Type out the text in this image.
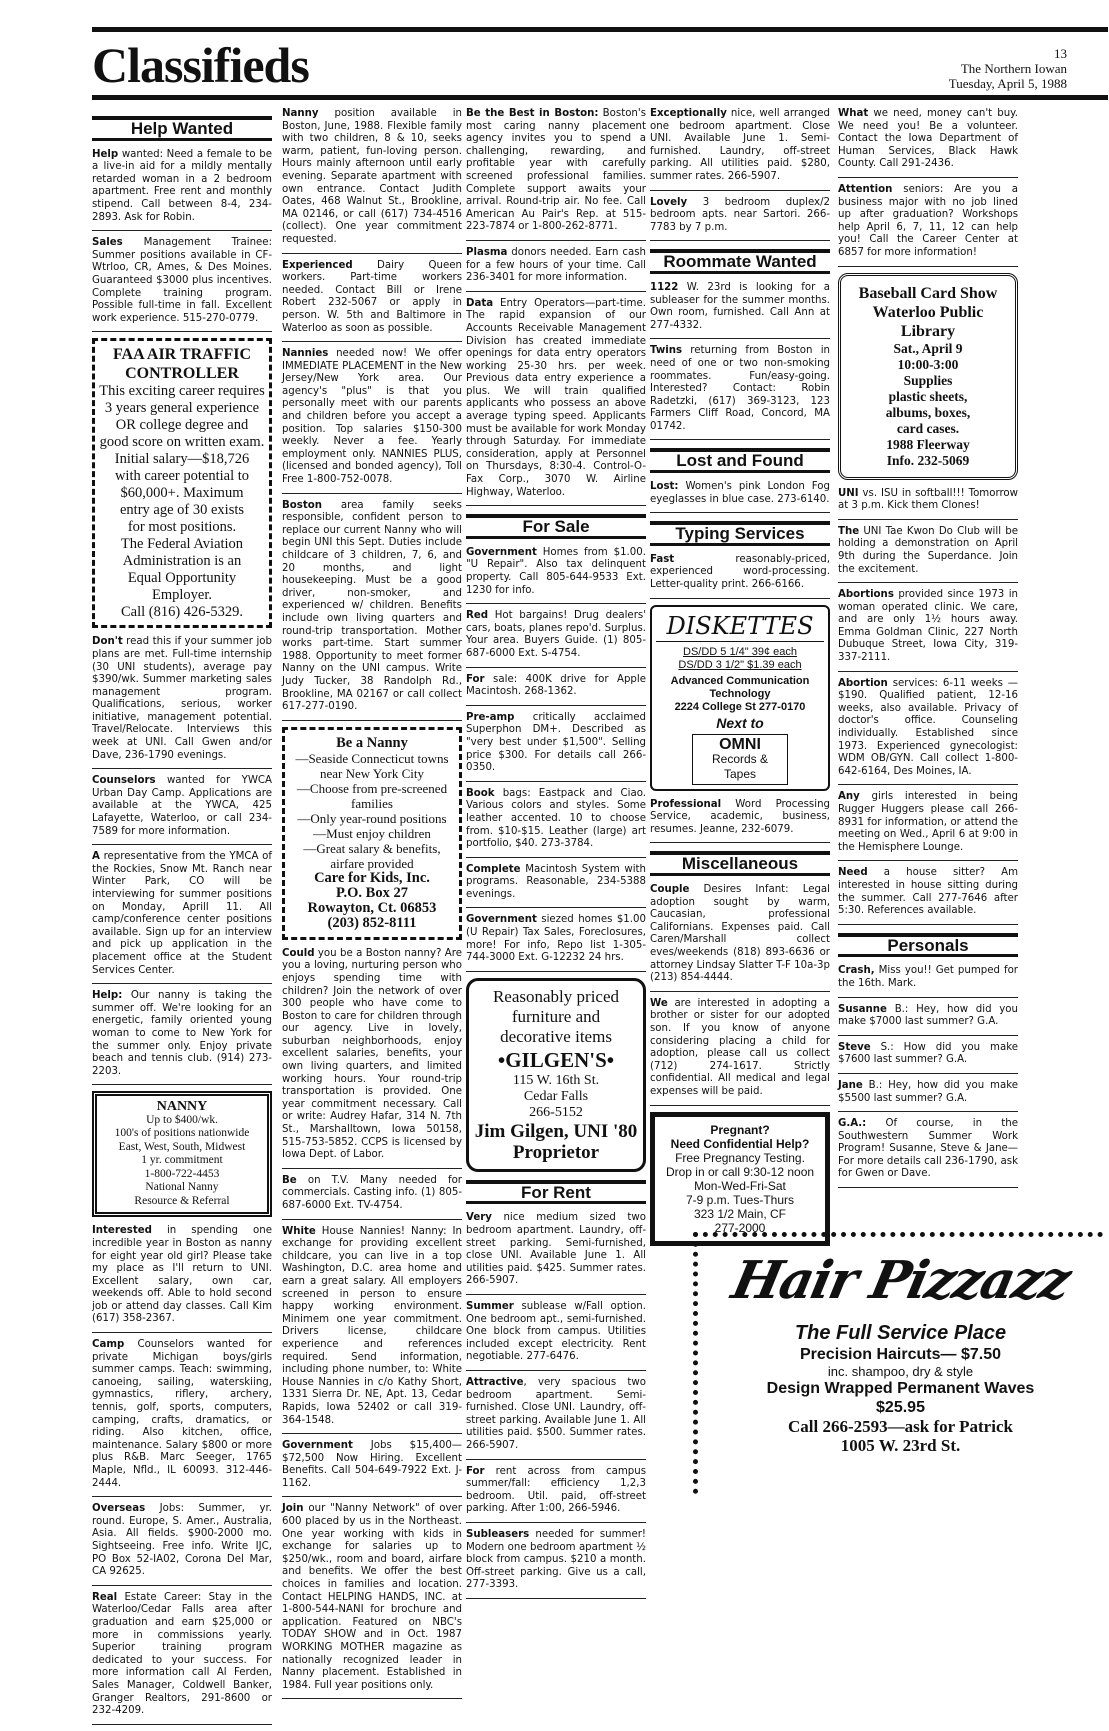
Classifieds	13
The Northern Iowan
Tuesday, April 5, 1988
Help Wanted

Help wanted: Need a female to be a live-in aid for a mildly mentally retarded woman in a 2 bedroom apartment. Free rent and monthly stipend. Call between 8-4, 234-2893. Ask for Robin.

Sales Management Trainee: Summer positions available in CF-Wtrloo, CR, Ames, & Des Moines. Guaranteed $3000 plus incentives. Complete training program. Possible full-time in fall. Excellent work experience. 515-270-0779.

FAA AIR TRAFFIC CONTROLLER
This exciting career requires
3 years general experience
OR college degree and
good score on written exam.
Initial salary—$18,726
with career potential to
$60,000+. Maximum
entry age of 30 exists
for most positions.
The Federal Aviation
Administration is an
Equal Opportunity Employer.
Call (816) 426-5329.

Don't read this if your summer job plans are met. Full-time internship (30 UNI students), average pay $390/wk. Summer marketing sales management program. Qualifications, serious, worker initiative, management potential. Travel/Relocate. Interviews this week at UNI. Call Gwen and/or Dave, 236-1790 evenings.

Counselors wanted for YWCA Urban Day Camp. Applications are available at the YWCA, 425 Lafayette, Waterloo, or call 234-7589 for more information.

A representative from the YMCA of the Rockies, Snow Mt. Ranch near Winter Park, CO will be interviewing for summer positions on Monday, Aprill 11. All camp/conference center positions available. Sign up for an interview and pick up application in the placement office at the Student Services Center.

Help: Our nanny is taking the summer off. We're looking for an energetic, family oriented young woman to come to New York for the summer only. Enjoy private beach and tennis club. (914) 273-2203.

NANNY
Up to $400/wk.
100's of positions nationwide
East, West, South, Midwest
1 yr. commitment
1-800-722-4453
National Nanny
Resource & Referral

Interested in spending one incredible year in Boston as nanny for eight year old girl? Please take my place as I'll return to UNI. Excellent salary, own car, weekends off. Able to hold second job or attend day classes. Call Kim (617) 358-2367.

Camp Counselors wanted for private Michigan boys/girls summer camps. Teach: swimming, canoeing, sailing, waterskiing, gymnastics, riflery, archery, tennis, golf, sports, computers, camping, crafts, dramatics, or riding. Also kitchen, office, maintenance. Salary $800 or more plus R&B. Marc Seeger, 1765 Maple, Nfld., IL 60093. 312-446-2444.

Overseas Jobs: Summer, yr. round. Europe, S. Amer., Australia, Asia. All fields. $900-2000 mo. Sightseeing. Free info. Write IJC, PO Box 52-IA02, Corona Del Mar, CA 92625.

Real Estate Career: Stay in the Waterloo/Cedar Falls area after graduation and earn $25,000 or more in commissions yearly. Superior training program dedicated to your success. For more information call Al Ferden, Sales Manager, Coldwell Banker, Granger Realtors, 291-8600 or 232-4209.

Nanny position available in Boston, June, 1988. Flexible family with two children, 8 & 10, seeks warm, patient, fun-loving person. Hours mainly afternoon until early evening. Separate apartment with own entrance. Contact Judith Oates, 468 Walnut St., Brookline, MA 02146, or call (617) 734-4516 (collect). One year commitment requested.

Experienced Dairy Queen workers. Part-time workers needed. Contact Bill or Irene Robert 232-5067 or apply in person. W. 5th and Baltimore in Waterloo as soon as possible.

Nannies needed now! We offer IMMEDIATE PLACEMENT in the New Jersey/New York area. Our agency's "plus" is that you personally meet with our parents and children before you accept a position. Top salaries $150-300 weekly. Never a fee. Yearly employment only. NANNIES PLUS, (licensed and bonded agency), Toll Free 1-800-752-0078.

Boston area family seeks responsible, confident person to replace our current Nanny who will begin UNI this Sept. Duties include childcare of 3 children, 7, 6, and 20 months, and light housekeeping. Must be a good driver, non-smoker, and experienced w/ children. Benefits include own living quarters and round-trip transportation. Mother works part-time. Start summer 1988. Opportunity to meet former Nanny on the UNI campus. Write Judy Tucker, 38 Randolph Rd., Brookline, MA 02167 or call collect 617-277-0190.

Be a Nanny
—Seaside Connecticut towns near New York City
—Choose from pre-screened families
—Only year-round positions
—Must enjoy children
—Great salary & benefits, airfare provided
Care for Kids, Inc.
P.O. Box 27
Rowayton, Ct. 06853
(203) 852-8111

Could you be a Boston nanny? Are you a loving, nurturing person who enjoys spending time with children? Join the network of over 300 people who have come to Boston to care for children through our agency. Live in lovely, suburban neighborhoods, enjoy excellent salaries, benefits, your own living quarters, and limited working hours. Your round-trip transportation is provided. One year commitment necessary. Call or write: Audrey Hafar, 314 N. 7th St., Marshalltown, Iowa 50158, 515-753-5852. CCPS is licensed by Iowa Dept. of Labor.

Be on T.V. Many needed for commercials. Casting info. (1) 805-687-6000 Ext. TV-4754.

White House Nannies! Nanny: In exchange for providing excellent childcare, you can live in a top Washington, D.C. area home and earn a great salary. All employers screened in person to ensure happy working environment. Minimem one year commitment. Drivers license, childcare experience and references required. Send information, including phone number, to: White House Nannies in c/o Kathy Short, 1331 Sierra Dr. NE, Apt. 13, Cedar Rapids, Iowa 52402 or call 319-364-1548.

Government Jobs $15,400—$72,500 Now Hiring. Excellent Benefits. Call 504-649-7922 Ext. J-1162.

Join our "Nanny Network" of over 600 placed by us in the Northeast. One year working with kids in exchange for salaries up to $250/wk., room and board, airfare and benefits. We offer the best choices in families and location. Contact HELPING HANDS, INC. at 1-800-544-NANI for brochure and application. Featured on NBC's TODAY SHOW and in Oct. 1987 WORKING MOTHER magazine as nationally recognized leader in Nanny placement. Established in 1984. Full year positions only.

Be the Best in Boston: Boston's most caring nanny placement agency invites you to spend a challenging, rewarding, and profitable year with carefully screened professional families. Complete support awaits your arrival. Round-trip air. No fee. Call American Au Pair's Rep. at 515-223-7874 or 1-800-262-8771.

Plasma donors needed. Earn cash for a few hours of your time. Call 236-3401 for more information.

Data Entry Operators—part-time. The rapid expansion of our Accounts Receivable Management Division has created immediate openings for data entry operators working 25-30 hrs. per week. Previous data entry experience a plus. We will train qualified applicants who possess an above average typing speed. Applicants must be available for work Monday through Saturday. For immediate consideration, apply at Personnel on Thursdays, 8:30-4. Control-O-Fax Corp., 3070 W. Airline Highway, Waterloo.

For Sale

Government Homes from $1.00. "U Repair". Also tax delinquent property. Call 805-644-9533 Ext. 1230 for info.

Red Hot bargains! Drug dealers' cars, boats, planes repo'd. Surplus. Your area. Buyers Guide. (1) 805-687-6000 Ext. S-4754.

For sale: 400K drive for Apple Macintosh. 268-1362.

Pre-amp critically acclaimed Superphon DM+. Described as "very best under $1,500". Selling price $300. For details call 266-0350.

Book bags: Eastpack and Ciao. Various colors and styles. Some leather accented. 10 to choose from. $10-$15. Leather (large) art portfolio, $40. 273-3784.

Complete Macintosh System with programs. Reasonable, 234-5388 evenings.

Government siezed homes $1.00 (U Repair) Tax Sales, Foreclosures, more! For info, Repo list 1-305-744-3000 Ext. G-12232 24 hrs.

Reasonably priced
furniture and
decorative items
•GILGEN'S•
115 W. 16th St.
Cedar Falls
266-5152
Jim Gilgen, UNI '80 Proprietor
For Rent

Very nice medium sized two bedroom apartment. Laundry, off-street parking. Semi-furnished, close UNI. Available June 1. All utilities paid. $425. Summer rates. 266-5907.

Summer sublease w/Fall option. One bedroom apt., semi-furnished. One block from campus. Utilities included except electricity. Rent negotiable. 277-6476.

Attractive, very spacious two bedroom apartment. Semi-furnished. Close UNI. Laundry, off-street parking. Available June 1. All utilities paid. $500. Summer rates. 266-5907.

For rent across from campus summer/fall: efficiency 1,2,3 bedroom. Util. paid, off-street parking. After 1:00, 266-5946.

Subleasers needed for summer! Modern one bedroom apartment ½ block from campus. $210 a month. Off-street parking. Give us a call, 277-3393.

Exceptionally nice, well arranged one bedroom apartment. Close UNI. Available June 1. Semi-furnished. Laundry, off-street parking. All utilities paid. $280, summer rates. 266-5907.

Lovely 3 bedroom duplex/2 bedroom apts. near Sartori. 266-7783 by 7 p.m.

Roommate Wanted

1122 W. 23rd is looking for a subleaser for the summer months. Own room, furnished. Call Ann at 277-4332.

Twins returning from Boston in need of one or two non-smoking roommates. Fun/easy-going. Interested? Contact: Robin Radetzki, (617) 369-3123, 123 Farmers Cliff Road, Concord, MA 01742.

Lost and Found

Lost: Women's pink London Fog eyeglasses in blue case. 273-6140.

Typing Services

Fast reasonably-priced, experienced word-processing. Letter-quality print. 266-6166.

DISKETTES
DS/DD 5 1/4" 39¢ each
DS/DD 3 1/2" $1.39 each
Advanced Communication Technology
2224 College St 277-0170
Next to
OMNI
Records & Tapes

Professional Word Processing Service, academic, business, resumes. Jeanne, 232-6079.

Miscellaneous

Couple Desires Infant: Legal adoption sought by warm, Caucasian, professional Californians. Expenses paid. Call Caren/Marshall collect eves/weekends (818) 893-6636 or attorney Lindsay Slatter T-F 10a-3p (213) 854-4444.

We are interested in adopting a brother or sister for our adopted son. If you know of anyone considering placing a child for adoption, please call us collect (712) 274-1617. Strictly confidential. All medical and legal expenses will be paid.

Pregnant?
Need Confidential Help?
Free Pregnancy Testing.
Drop in or call 9:30-12 noon
Mon-Wed-Fri-Sat
7-9 p.m. Tues-Thurs
323 1/2 Main, CF
277-2000

What we need, money can't buy. We need you! Be a volunteer. Contact the Iowa Department of Human Services, Black Hawk County. Call 291-2436.

Attention seniors: Are you a business major with no job lined up after graduation? Workshops help April 6, 7, 11, 12 can help you! Call the Career Center at 6857 for more information!

Baseball Card Show Waterloo Public Library
Sat., April 9
10:00-3:00
Supplies
plastic sheets,
albums, boxes,
card cases.
1988 Fleerway
Info. 232-5069

UNI vs. ISU in softball!!! Tomorrow at 3 p.m. Kick them Clones!

The UNI Tae Kwon Do Club will be holding a demonstration on April 9th during the Superdance. Join the excitement.

Abortions provided since 1973 in woman operated clinic. We care, and are only 1½ hours away. Emma Goldman Clinic, 227 North Dubuque Street, Iowa City, 319-337-2111.

Abortion services: 6-11 weeks —$190. Qualified patient, 12-16 weeks, also available. Privacy of doctor's office. Counseling individually. Established since 1973. Experienced gynecologist: WDM OB/GYN. Call collect 1-800-642-6164, Des Moines, IA.

Any girls interested in being Rugger Huggers please call 266-8931 for information, or attend the meeting on Wed., April 6 at 9:00 in the Hemisphere Lounge.

Need a house sitter? Am interested in house sitting during the summer. Call 277-7646 after 5:30. References available.

Personals

Crash, Miss you!! Get pumped for the 16th. Mark.

Susanne B.: Hey, how did you make $7000 last summer? G.A.

Steve S.: How did you make $7600 last summer? G.A.

Jane B.: Hey, how did you make $5500 last summer? G.A.

G.A.: Of course, in the Southwestern Summer Work Program! Susanne, Steve & Jane—For more details call 236-1790, ask for Gwen or Dave.

Hair Pizzazz
The Full Service Place
Precision Haircuts— $7.50
inc. shampoo, dry & style
Design Wrapped Permanent Waves
$25.95
Call 266-2593—ask for Patrick
1005 W. 23rd St.
